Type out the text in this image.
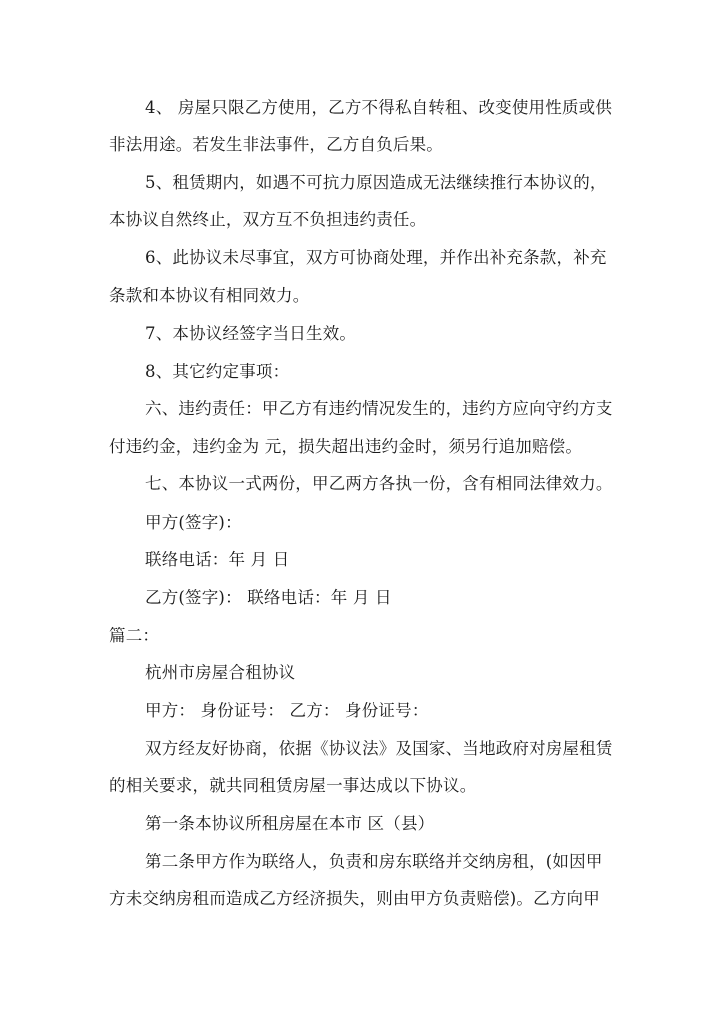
4、 房屋只限乙方使用，乙方不得私自转租、改变使用性质或供
非法用途。若发生非法事件，乙方自负后果。
5、租赁期内，如遇不可抗力原因造成无法继续推行本协议的，
本协议自然终止，双方互不负担违约责任。
6、此协议未尽事宜，双方可协商处理，并作出补充条款，补充
条款和本协议有相同效力。
7、本协议经签字当日生效。
8、其它约定事项：
六、违约责任：甲乙方有违约情况发生的，违约方应向守约方支
付违约金，违约金为 元，损失超出违约金时，须另行追加赔偿。
七、本协议一式两份，甲乙两方各执一份，含有相同法律效力。
甲方(签字)：
联络电话：年 月 日
乙方(签字)： 联络电话：年 月 日
篇二：
杭州市房屋合租协议
甲方： 身份证号： 乙方： 身份证号：
双方经友好协商，依据《协议法》及国家、当地政府对房屋租赁
的相关要求，就共同租赁房屋一事达成以下协议。
第一条本协议所租房屋在本市 区（县）
第二条甲方作为联络人，负责和房东联络并交纳房租，(如因甲
方未交纳房租而造成乙方经济损失，则由甲方负责赔偿)。乙方向甲
